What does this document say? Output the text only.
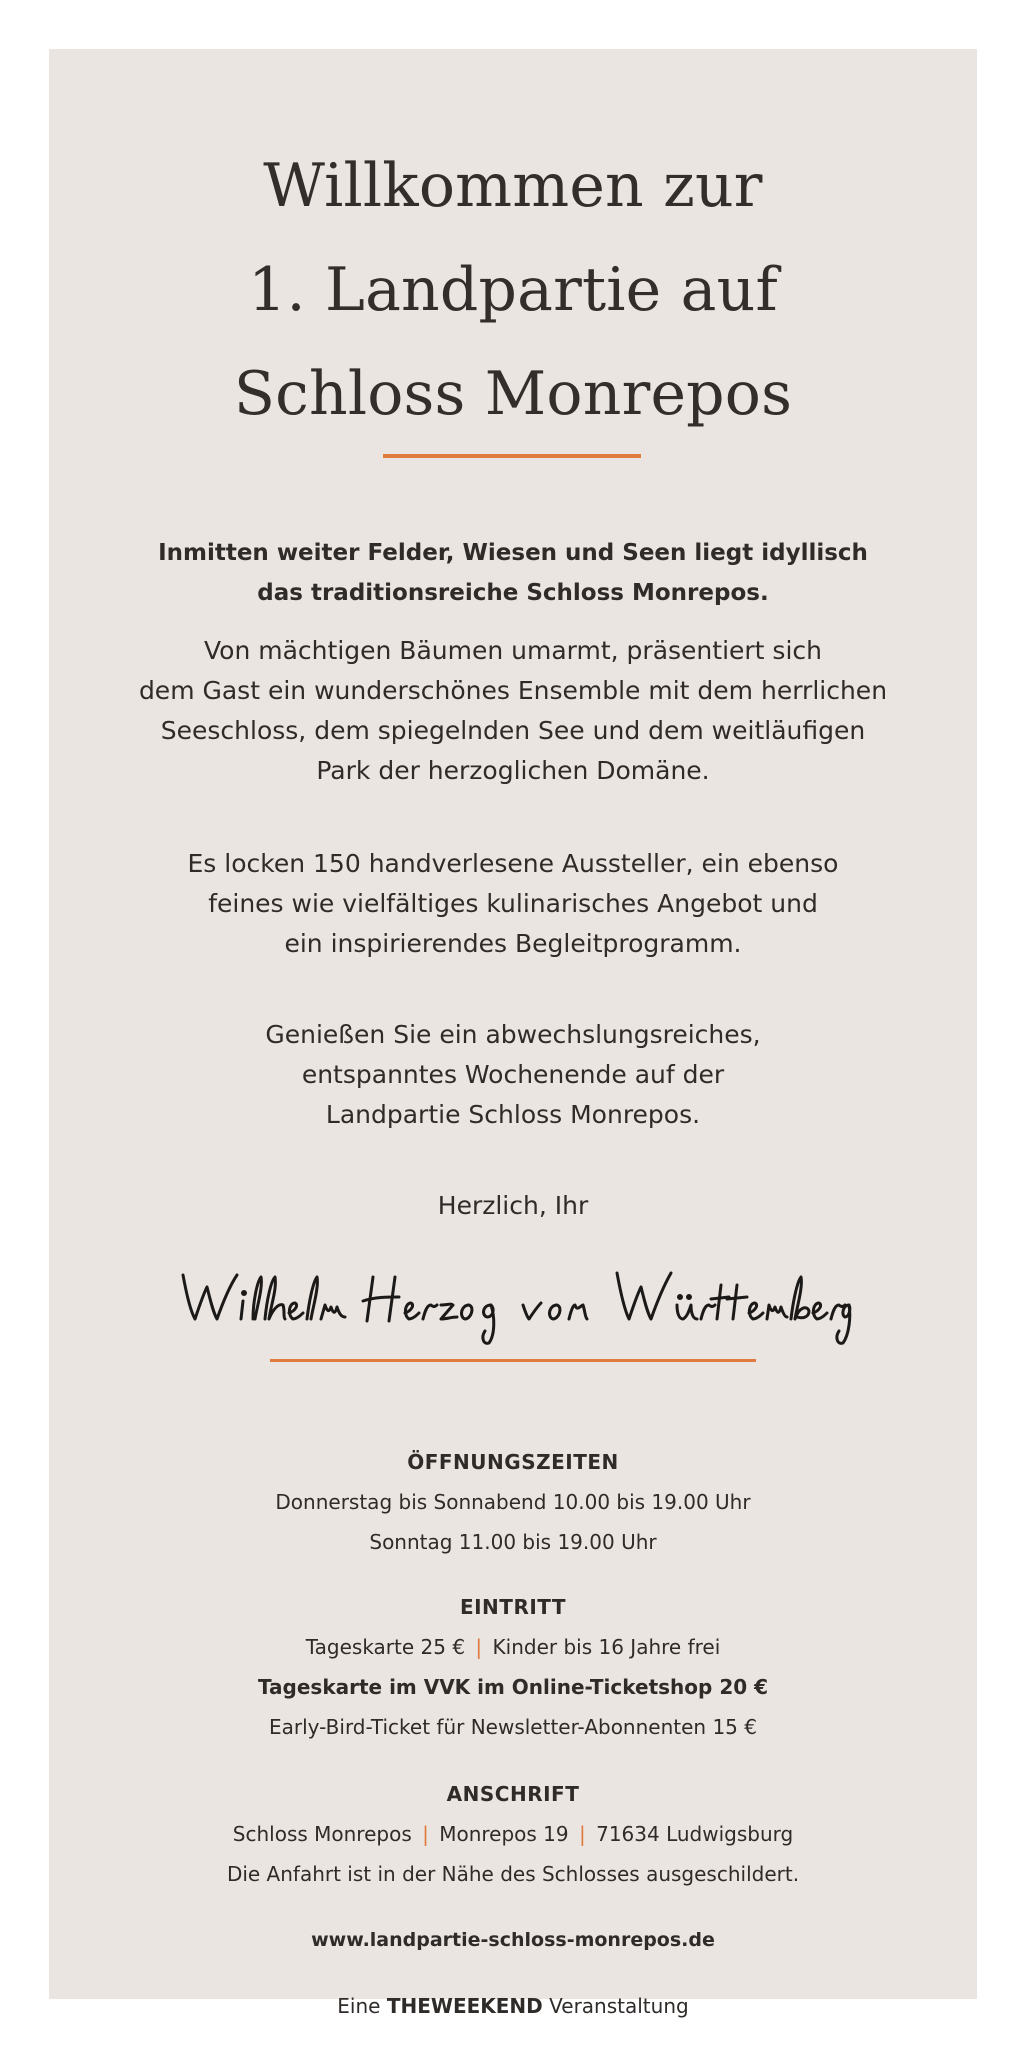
Willkommen zur
1. Landpartie auf
Schloss Monrepos

Inmitten weiter Felder, Wiesen und Seen liegt idyllisch
das traditionsreiche Schloss Monrepos.

Von mächtigen Bäumen umarmt, präsentiert sich
dem Gast ein wunderschönes Ensemble mit dem herrlichen
Seeschloss, dem spiegelnden See und dem weitläufigen
Park der herzoglichen Domäne.

Es locken 150 handverlesene Aussteller, ein ebenso
feines wie vielfältiges kulinarisches Angebot und
ein inspirierendes Begleitprogramm.

Genießen Sie ein abwechslungsreiches,
entspanntes Wochenende auf der
Landpartie Schloss Monrepos.

Herzlich, Ihr

ÖFFNUNGSZEITEN

Donnerstag bis Sonnabend 10.00 bis 19.00 Uhr

Sonntag 11.00 bis 19.00 Uhr

EINTRITT

Tageskarte 25 € | Kinder bis 16 Jahre frei

Tageskarte im VVK im Online-Ticketshop 20 €

Early-Bird-Ticket für Newsletter-Abonnenten 15 €

ANSCHRIFT

Schloss Monrepos | Monrepos 19 | 71634 Ludwigsburg

Die Anfahrt ist in der Nähe des Schlosses ausgeschildert.

www.landpartie-schloss-monrepos.de

Eine THEWEEKEND Veranstaltung
